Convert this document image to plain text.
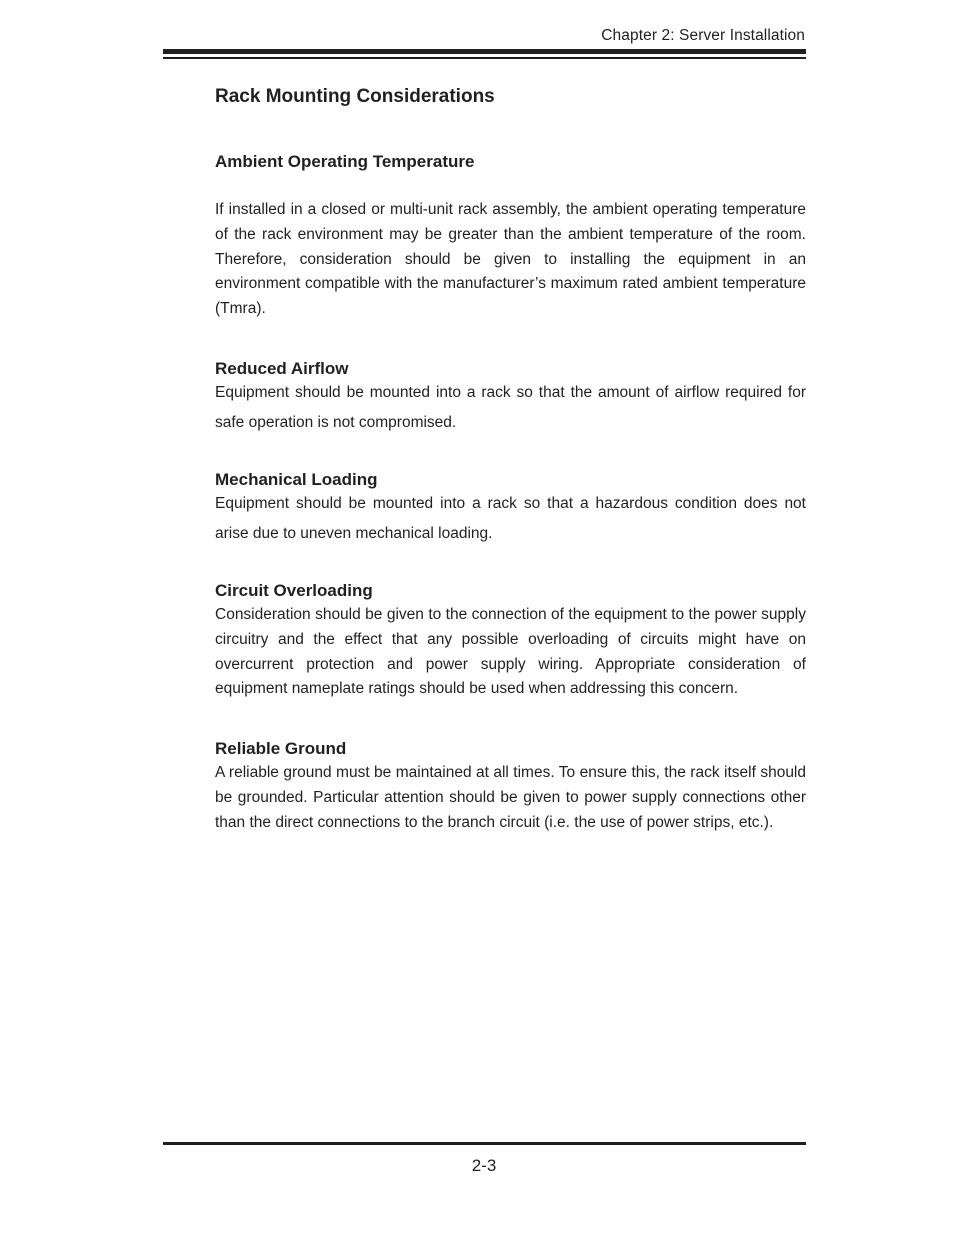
Chapter 2: Server Installation
Rack Mounting Considerations
Ambient Operating Temperature

If installed in a closed or multi-unit rack assembly, the ambient operating temperature of the rack environment may be greater than the ambient temperature of the room. Therefore, consideration should be given to installing the equipment in an environment compatible with the manufacturer’s maximum rated ambient temperature (Tmra).

Reduced Airflow

Equipment should be mounted into a rack so that the amount of airflow required for safe operation is not compromised.

Mechanical Loading

Equipment should be mounted into a rack so that a hazardous condition does not arise due to uneven mechanical loading.

Circuit Overloading

Consideration should be given to the connection of the equipment to the power supply circuitry and the effect that any possible overloading of circuits might have on overcurrent protection and power supply wiring. Appropriate consideration of equipment nameplate ratings should be used when addressing this concern.

Reliable Ground

A reliable ground must be maintained at all times. To ensure this, the rack itself should be grounded. Particular attention should be given to power supply connections other than the direct connections to the branch circuit (i.e. the use of power strips, etc.).

2-3
